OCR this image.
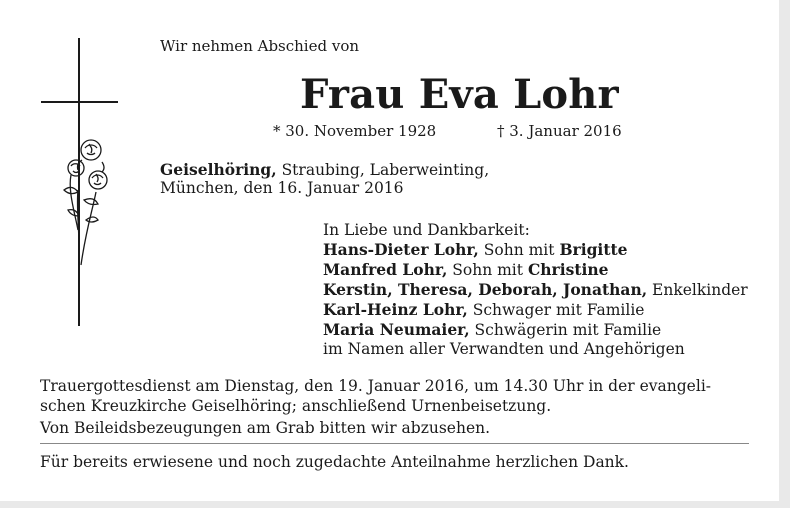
Wir nehmen Abschied von
Frau Eva Lohr
* 30. November 1928	† 3. Januar 2016
Geiselhöring, Straubing, Laberweinting,
München, den 16. Januar 2016
In Liebe und Dankbarkeit:
Hans-Dieter Lohr, Sohn mit Brigitte
Manfred Lohr, Sohn mit Christine
Kerstin, Theresa, Deborah, Jonathan, Enkelkinder
Karl-Heinz Lohr, Schwager mit Familie
Maria Neumaier, Schwägerin mit Familie
im Namen aller Verwandten und Angehörigen
Trauergottesdienst am Dienstag, den 19. Januar 2016, um 14.30 Uhr in der evangeli-
schen Kreuzkirche Geiselhöring; anschließend Urnenbeisetzung.
Von Beileidsbezeugungen am Grab bitten wir abzusehen.
Für bereits erwiesene und noch zugedachte Anteilnahme herzlichen Dank.
